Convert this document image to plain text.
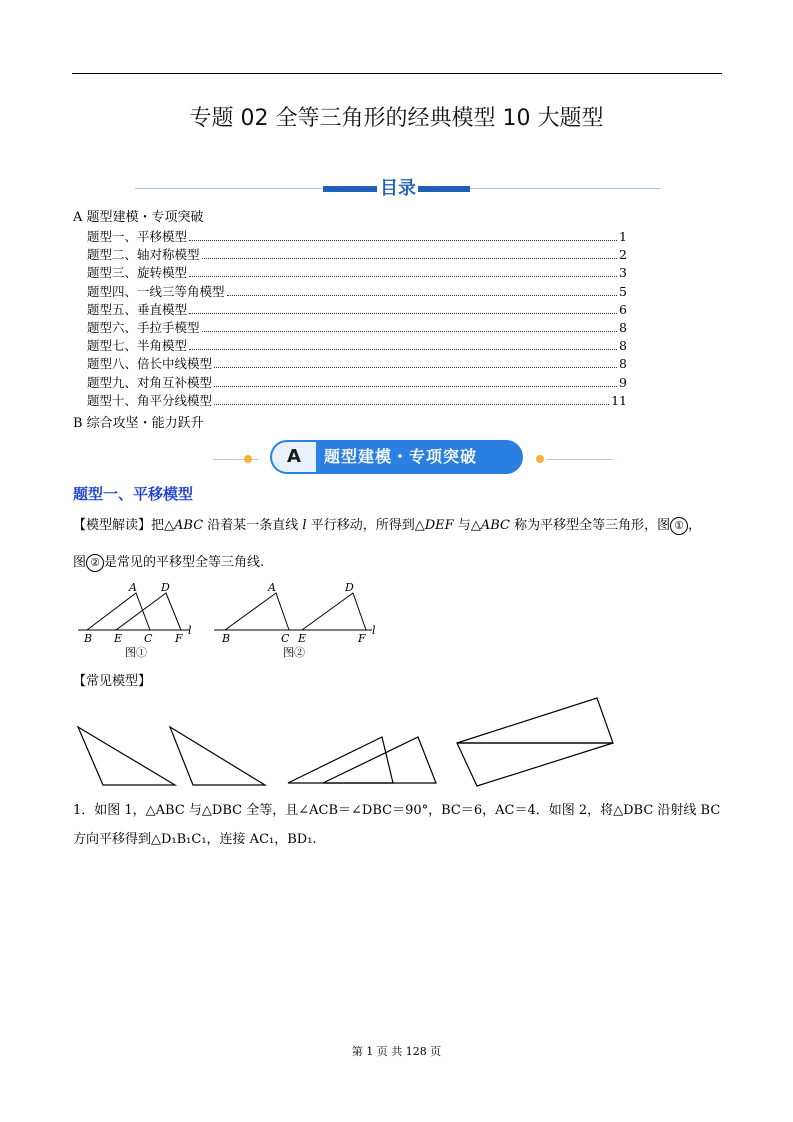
专题 02 全等三角形的经典模型 10 大题型
目录
A 题型建模・专项突破
题型一、平移模型	1
题型二、轴对称模型	2
题型三、旋转模型	3
题型四、一线三等角模型	5
题型五、垂直模型	6
题型六、手拉手模型	8
题型七、半角模型	8
题型八、倍长中线模型	8
题型九、对角互补模型	9
题型十、角平分线模型	11
B 综合攻坚・能力跃升
A	题型建模・专项突破
题型一、平移模型
【模型解读】把△ABC 沿着某一条直线 l 平行移动，所得到△DEF 与△ABC 称为平移型全等三角形，图 ① ，
图 ② 是常见的平移型全等三角线.
A D
B E C F
l
图①
A	D
B	C E	F
l
图②
【常见模型】
1．如图 1，△ABC 与△DBC 全等，且∠ACB＝∠DBC＝90°，BC＝6，AC＝4．如图 2，将△DBC 沿射线 BC
方向平移得到△D₁B₁C₁，连接 AC₁，BD₁.
第 1 页 共 128 页
